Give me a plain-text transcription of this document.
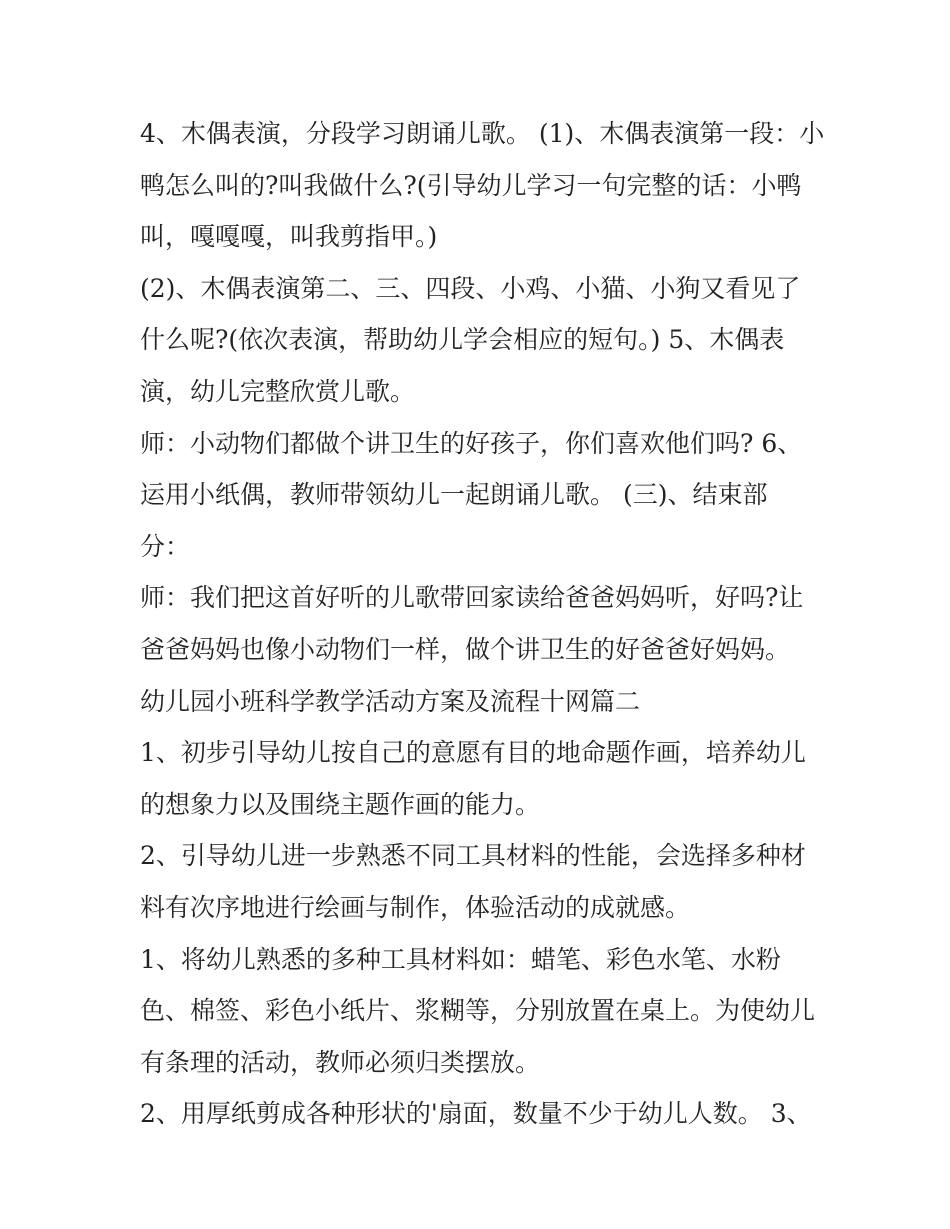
4、木偶表演，分段学习朗诵儿歌。 (1)、木偶表演第一段：小
鸭怎么叫的?叫我做什么?(引导幼儿学习一句完整的话：小鸭
叫，嘎嘎嘎，叫我剪指甲。)
(2)、木偶表演第二、三、四段、小鸡、小猫、小狗又看见了
什么呢?(依次表演，帮助幼儿学会相应的短句。) 5、木偶表
演，幼儿完整欣赏儿歌。
师：小动物们都做个讲卫生的好孩子，你们喜欢他们吗? 6、
运用小纸偶，教师带领幼儿一起朗诵儿歌。 (三)、结束部
分：
师：我们把这首好听的儿歌带回家读给爸爸妈妈听，好吗?让
爸爸妈妈也像小动物们一样，做个讲卫生的好爸爸好妈妈。
幼儿园小班科学教学活动方案及流程十网篇二
1、初步引导幼儿按自己的意愿有目的地命题作画，培养幼儿
的想象力以及围绕主题作画的能力。
2、引导幼儿进一步熟悉不同工具材料的性能，会选择多种材
料有次序地进行绘画与制作，体验活动的成就感。
1、将幼儿熟悉的多种工具材料如：蜡笔、彩色水笔、水粉
色、棉签、彩色小纸片、浆糊等，分别放置在桌上。为使幼儿
有条理的活动，教师必须归类摆放。
2、用厚纸剪成各种形状的'扇面，数量不少于幼儿人数。 3、
